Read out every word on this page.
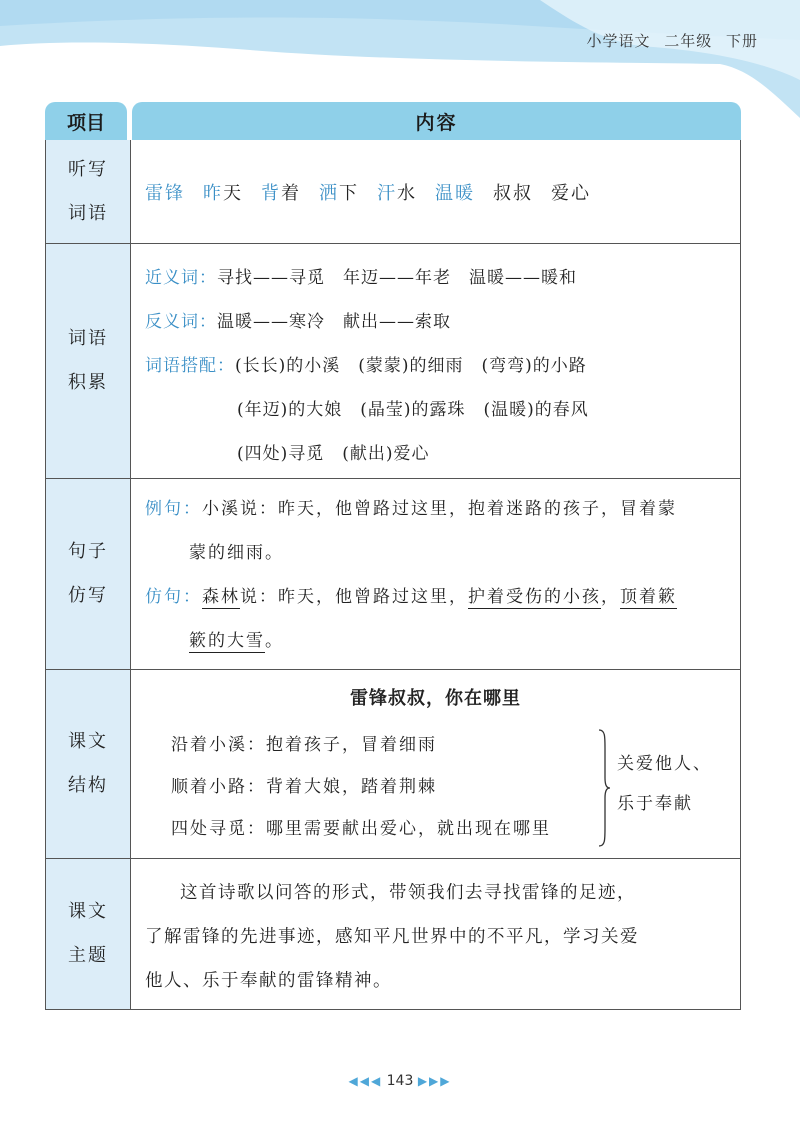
小学语文 二年级 下册
项目	内容
听写
词语
雷锋 昨天 背着 洒下 汗水 温暖 叔叔 爱心
词语
积累
近义词：寻找——寻觅 年迈——年老 温暖——暖和
反义词：温暖——寒冷 献出——索取
词语搭配：(长长)的小溪 (蒙蒙)的细雨 (弯弯)的小路
(年迈)的大娘 (晶莹)的露珠 (温暖)的春风
(四处)寻觅 (献出)爱心
句子
仿写
例句：小溪说：昨天，他曾路过这里，抱着迷路的孩子，冒着蒙
蒙的细雨。
仿句：森林说：昨天，他曾路过这里，护着受伤的小孩，顶着簌
簌的大雪。
课文
结构
雷锋叔叔，你在哪里
沿着小溪：抱着孩子，冒着细雨
顺着小路：背着大娘，踏着荆棘
四处寻觅：哪里需要献出爱心，就出现在哪里
关爱他人、
乐于奉献
课文
主题
这首诗歌以问答的形式，带领我们去寻找雷锋的足迹，
了解雷锋的先进事迹，感知平凡世界中的不平凡，学习关爱
他人、乐于奉献的雷锋精神。
◀◀◀ 143 ▶▶▶
